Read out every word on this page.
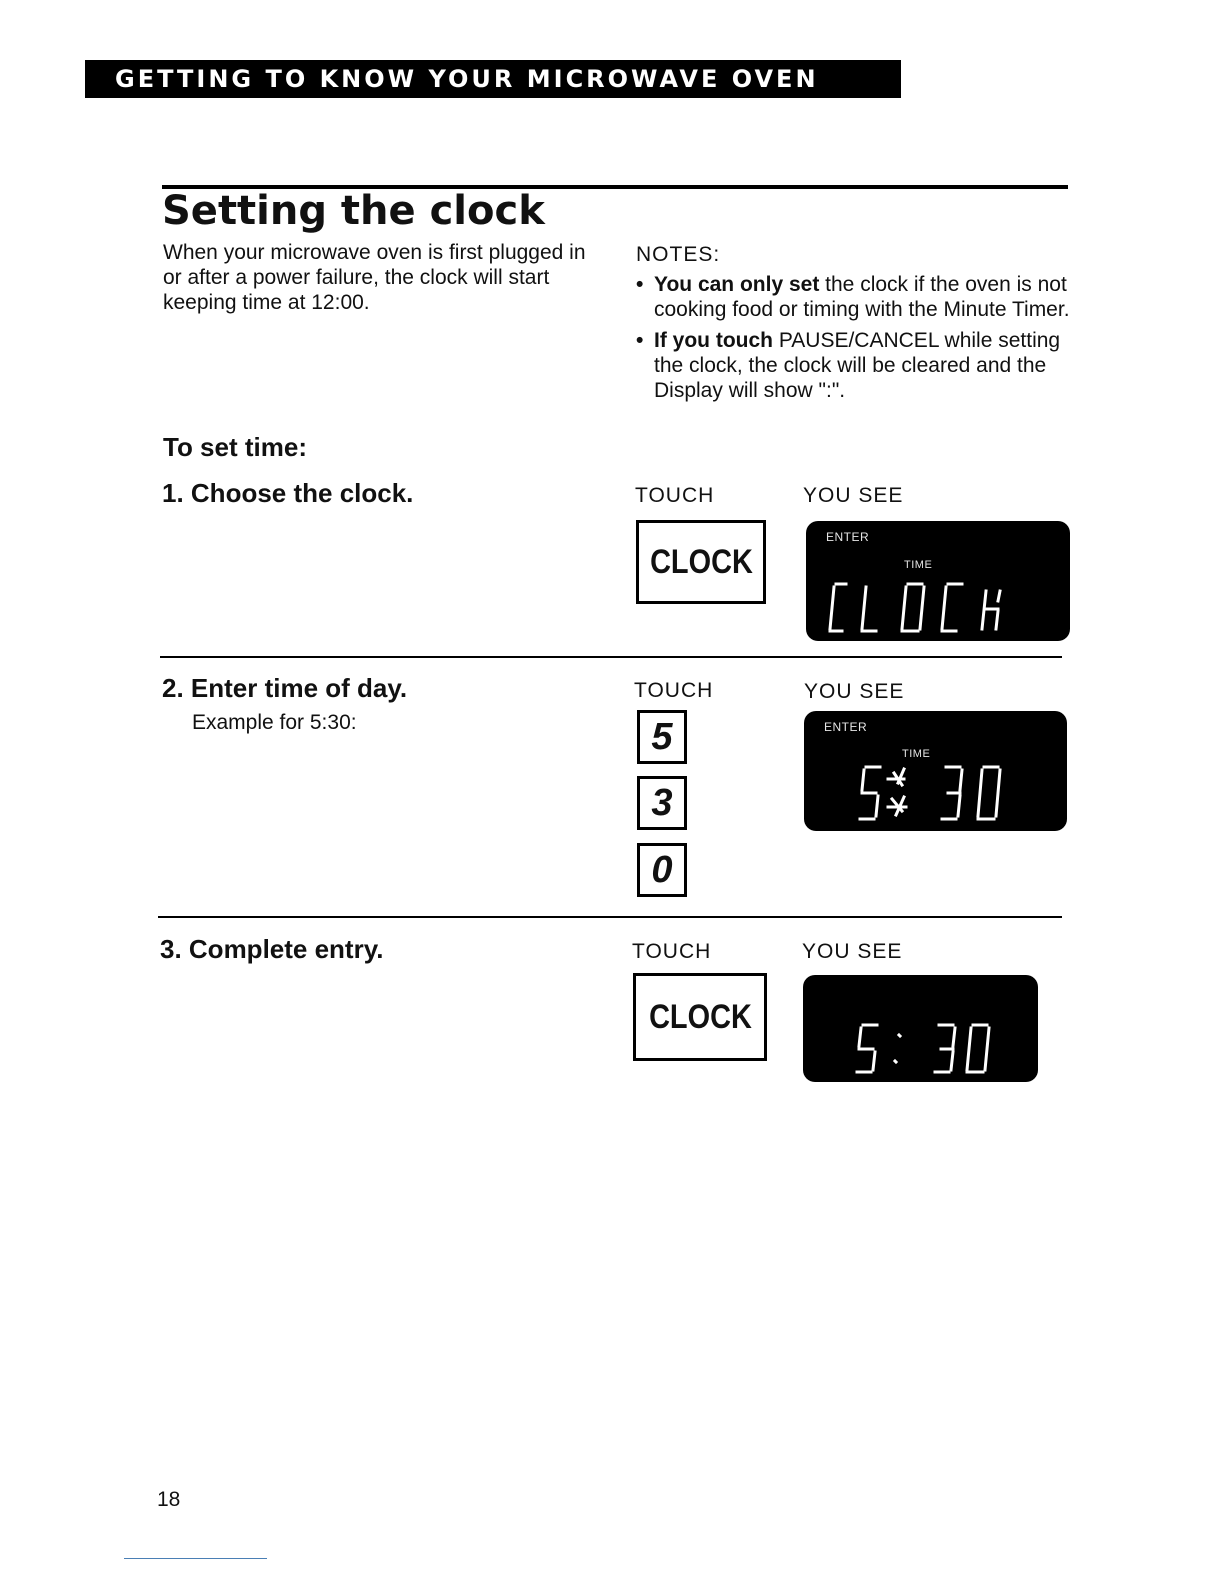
GETTING TO KNOW YOUR MICROWAVE OVEN
Setting the clock
When your microwave oven is first plugged in or after a power failure, the clock will start keeping time at 12:00.
NOTES:
• You can only set the clock if the oven is not cooking food or timing with the Minute Timer.
• If you touch PAUSE/CANCEL while setting the clock, the clock will be cleared and the Display will show ":".
To set time:
1. Choose the clock.	TOUCH	YOU SEE
CLOCK
ENTER
TIME
2. Enter time of day.
Example for 5:30:
TOUCH	YOU SEE
5
3
0
ENTER
TIME
3. Complete entry.	TOUCH	YOU SEE
CLOCK
18
